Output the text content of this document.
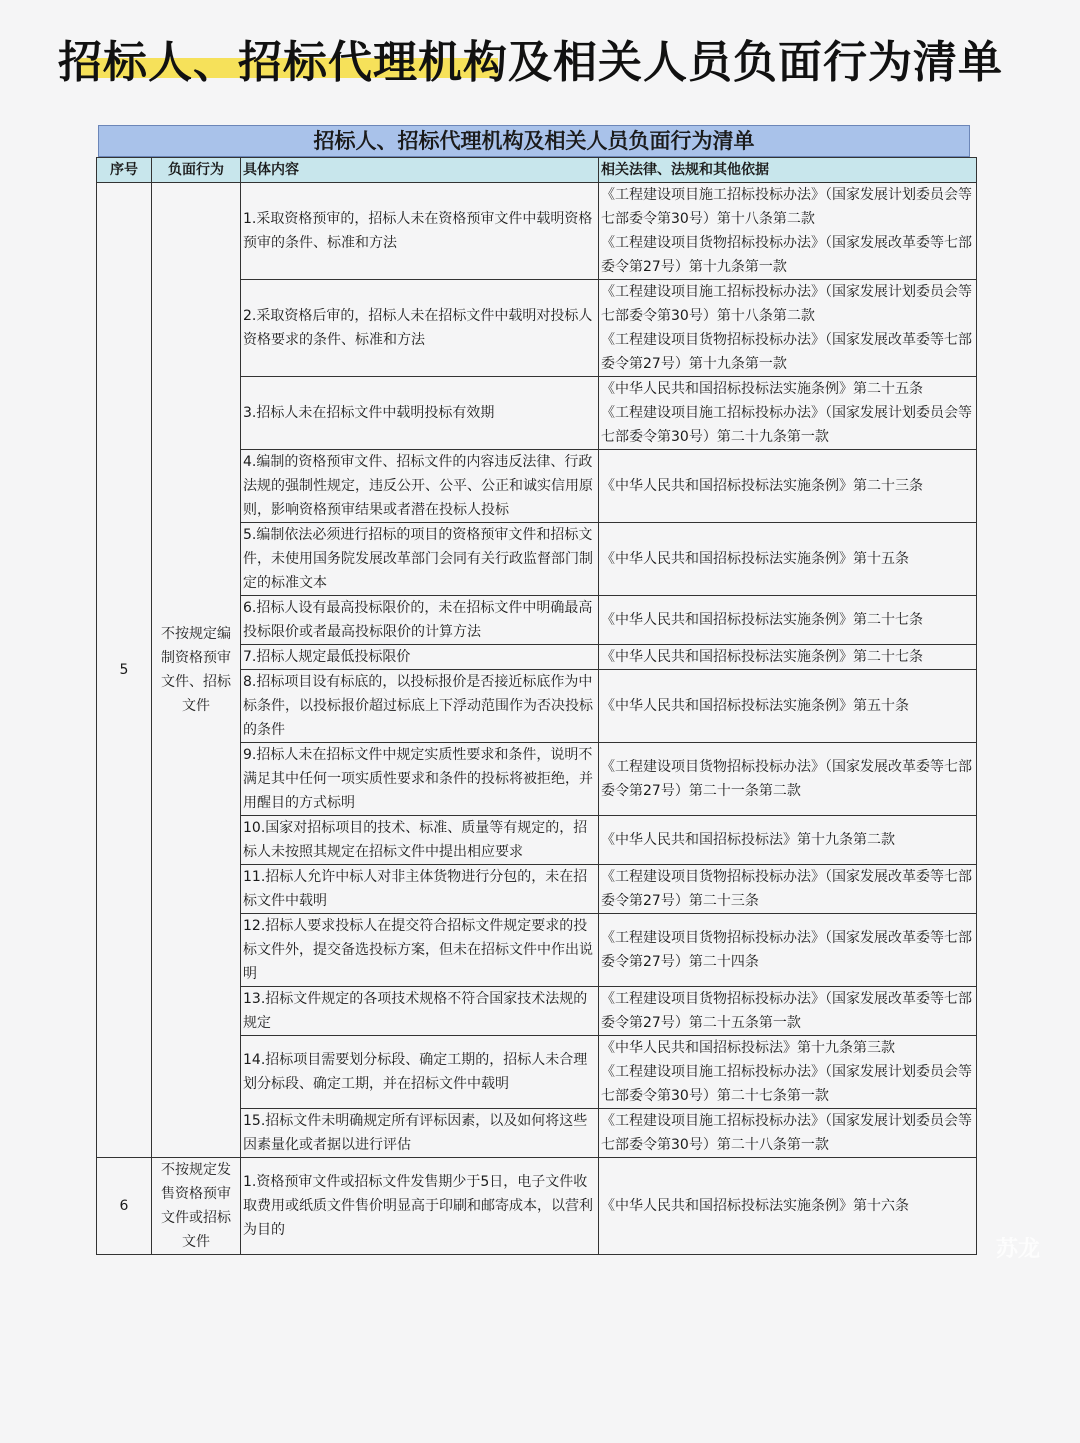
招标人、招标代理机构及相关人员负面行为清单
招标人、招标代理机构及相关人员负面行为清单
序号	负面行为	具体内容	相关法律、法规和其他依据
5	不按规定编制资格预审文件、招标文件	1.采取资格预审的，招标人未在资格预审文件中载明资格预审的条件、标准和方法	《工程建设项目施工招标投标办法》（国家发展计划委员会等七部委令第30号）第十八条第二款
《工程建设项目货物招标投标办法》（国家发展改革委等七部委令第27号）第十九条第一款
		2.采取资格后审的，招标人未在招标文件中载明对投标人资格要求的条件、标准和方法	《工程建设项目施工招标投标办法》（国家发展计划委员会等七部委令第30号）第十八条第二款
《工程建设项目货物招标投标办法》（国家发展改革委等七部委令第27号）第十九条第一款
		3.招标人未在招标文件中载明投标有效期	《中华人民共和国招标投标法实施条例》第二十五条
《工程建设项目施工招标投标办法》（国家发展计划委员会等七部委令第30号）第二十九条第一款
		4.编制的资格预审文件、招标文件的内容违反法律、行政法规的强制性规定，违反公开、公平、公正和诚实信用原则，影响资格预审结果或者潜在投标人投标	《中华人民共和国招标投标法实施条例》第二十三条
		5.编制依法必须进行招标的项目的资格预审文件和招标文件，未使用国务院发展改革部门会同有关行政监督部门制定的标准文本	《中华人民共和国招标投标法实施条例》第十五条
		6.招标人设有最高投标限价的，未在招标文件中明确最高投标限价或者最高投标限价的计算方法	《中华人民共和国招标投标法实施条例》第二十七条
		7.招标人规定最低投标限价	《中华人民共和国招标投标法实施条例》第二十七条
		8.招标项目设有标底的，以投标报价是否接近标底作为中标条件，以投标报价超过标底上下浮动范围作为否决投标的条件	《中华人民共和国招标投标法实施条例》第五十条
		9.招标人未在招标文件中规定实质性要求和条件，说明不满足其中任何一项实质性要求和条件的投标将被拒绝，并用醒目的方式标明	《工程建设项目货物招标投标办法》（国家发展改革委等七部委令第27号）第二十一条第二款
		10.国家对招标项目的技术、标准、质量等有规定的，招标人未按照其规定在招标文件中提出相应要求	《中华人民共和国招标投标法》第十九条第二款
		11.招标人允许中标人对非主体货物进行分包的，未在招标文件中载明	《工程建设项目货物招标投标办法》（国家发展改革委等七部委令第27号）第二十三条
		12.招标人要求投标人在提交符合招标文件规定要求的投标文件外，提交备选投标方案，但未在招标文件中作出说明	《工程建设项目货物招标投标办法》（国家发展改革委等七部委令第27号）第二十四条
		13.招标文件规定的各项技术规格不符合国家技术法规的规定	《工程建设项目货物招标投标办法》（国家发展改革委等七部委令第27号）第二十五条第一款
		14.招标项目需要划分标段、确定工期的，招标人未合理划分标段、确定工期，并在招标文件中载明	《中华人民共和国招标投标法》第十九条第三款
《工程建设项目施工招标投标办法》（国家发展计划委员会等七部委令第30号）第二十七条第一款
		15.招标文件未明确规定所有评标因素，以及如何将这些因素量化或者据以进行评估	《工程建设项目施工招标投标办法》（国家发展计划委员会等七部委令第30号）第二十八条第一款
6	不按规定发售资格预审文件或招标文件	1.资格预审文件或招标文件发售期少于5日，电子文件收取费用或纸质文件售价明显高于印刷和邮寄成本，以营利为目的	《中华人民共和国招标投标法实施条例》第十六条
苏龙
